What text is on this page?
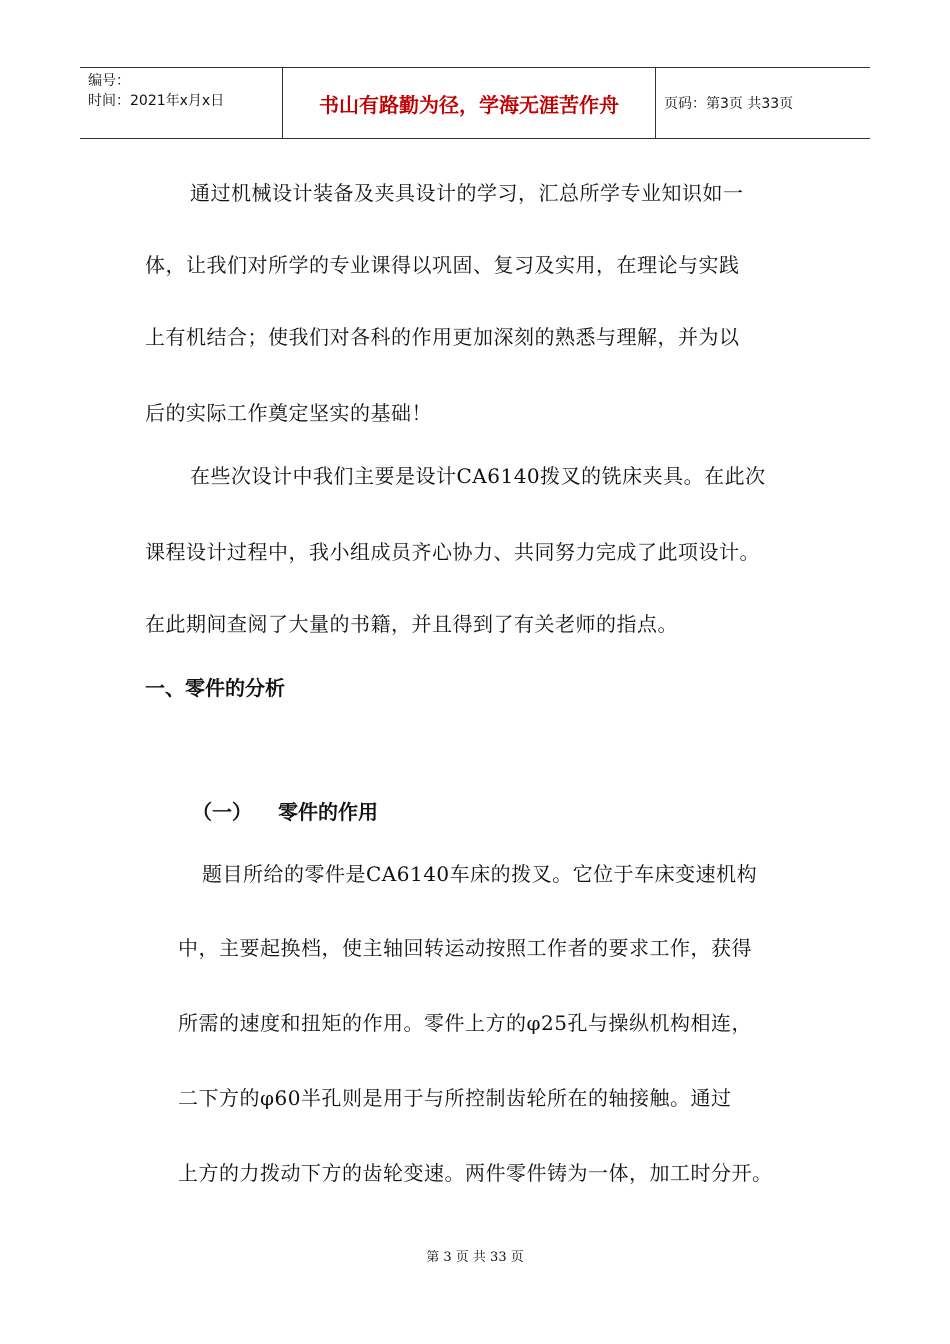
编号：
时间：2021年x月x日	书山有路勤为径，学海无涯苦作舟	页码：第3页 共33页
通过机械设计装备及夹具设计的学习，汇总所学专业知识如一
体，让我们对所学的专业课得以巩固、复习及实用，在理论与实践
上有机结合；使我们对各科的作用更加深刻的熟悉与理解，并为以
后的实际工作奠定坚实的基础！
在些次设计中我们主要是设计CA6140拨叉的铣床夹具。在此次
课程设计过程中，我小组成员齐心协力、共同努力完成了此项设计。
在此期间查阅了大量的书籍，并且得到了有关老师的指点。
一、零件的分析
（一） 零件的作用
题目所给的零件是CA6140车床的拨叉。它位于车床变速机构
中，主要起换档，使主轴回转运动按照工作者的要求工作，获得
所需的速度和扭矩的作用。零件上方的φ25孔与操纵机构相连，
二下方的φ60半孔则是用于与所控制齿轮所在的轴接触。通过
上方的力拨动下方的齿轮变速。两件零件铸为一体，加工时分开。
第 3 页 共 33 页
